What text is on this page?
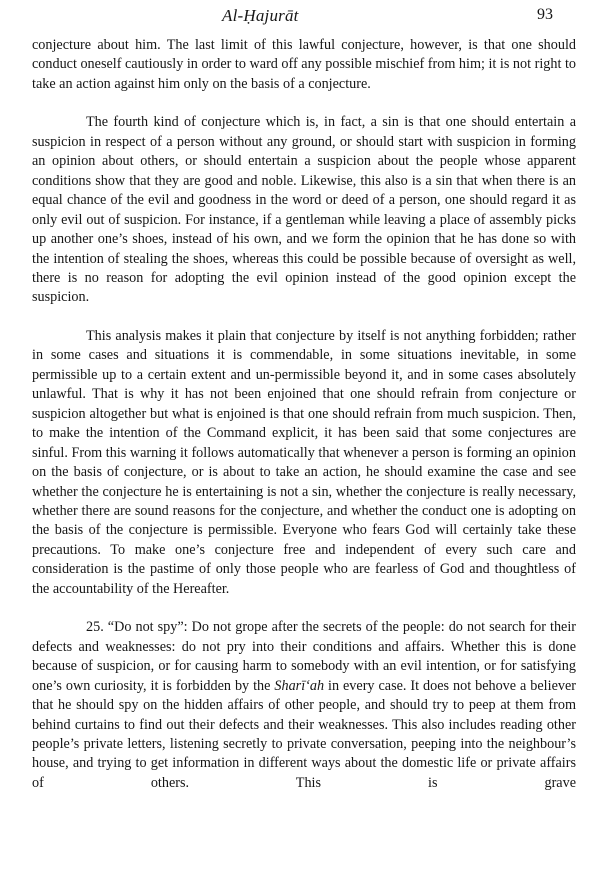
Al-Ḥajurāt	93

conjecture about him. The last limit of this lawful conjecture, however, is that one should conduct oneself cautiously in order to ward off any possible mischief from him; it is not right to take an action against him only on the basis of a conjecture.

The fourth kind of conjecture which is, in fact, a sin is that one should entertain a suspicion in respect of a person without any ground, or should start with suspicion in forming an opinion about others, or should entertain a suspicion about the people whose apparent conditions show that they are good and noble. Likewise, this also is a sin that when there is an equal chance of the evil and goodness in the word or deed of a person, one should regard it as only evil out of suspicion. For instance, if a gentleman while leaving a place of assembly picks up another one’s shoes, instead of his own, and we form the opinion that he has done so with the intention of stealing the shoes, whereas this could be possible because of oversight as well, there is no reason for adopting the evil opinion instead of the good opinion except the suspicion.

This analysis makes it plain that conjecture by itself is not anything forbidden; rather in some cases and situations it is commendable, in some situations inevitable, in some permissible up to a certain extent and un-permissible beyond it, and in some cases absolutely unlawful. That is why it has not been enjoined that one should refrain from conjecture or suspicion altogether but what is enjoined is that one should refrain from much suspicion. Then, to make the intention of the Command explicit, it has been said that some conjectures are sinful. From this warning it follows automatically that whenever a person is forming an opinion on the basis of conjecture, or is about to take an action, he should examine the case and see whether the conjecture he is entertaining is not a sin, whether the conjecture is really necessary, whether there are sound reasons for the conjecture, and whether the conduct one is adopting on the basis of the conjecture is permissible. Everyone who fears God will certainly take these precautions. To make one’s conjecture free and independent of every such care and consideration is the pastime of only those people who are fearless of God and thoughtless of the accountability of the Hereafter.

25. “Do not spy”: Do not grope after the secrets of the people: do not search for their defects and weaknesses: do not pry into their conditions and affairs. Whether this is done because of suspicion, or for causing harm to somebody with an evil intention, or for satisfying one’s own curiosity, it is forbidden by the Sharī‘ah in every case. It does not behove a believer that he should spy on the hidden affairs of other people, and should try to peep at them from behind curtains to find out their defects and their weaknesses. This also includes reading other people’s private letters, listening secretly to private conversation, peeping into the neighbour’s house, and trying to get information in different ways about the domestic life or private affairs of others. This is grave
